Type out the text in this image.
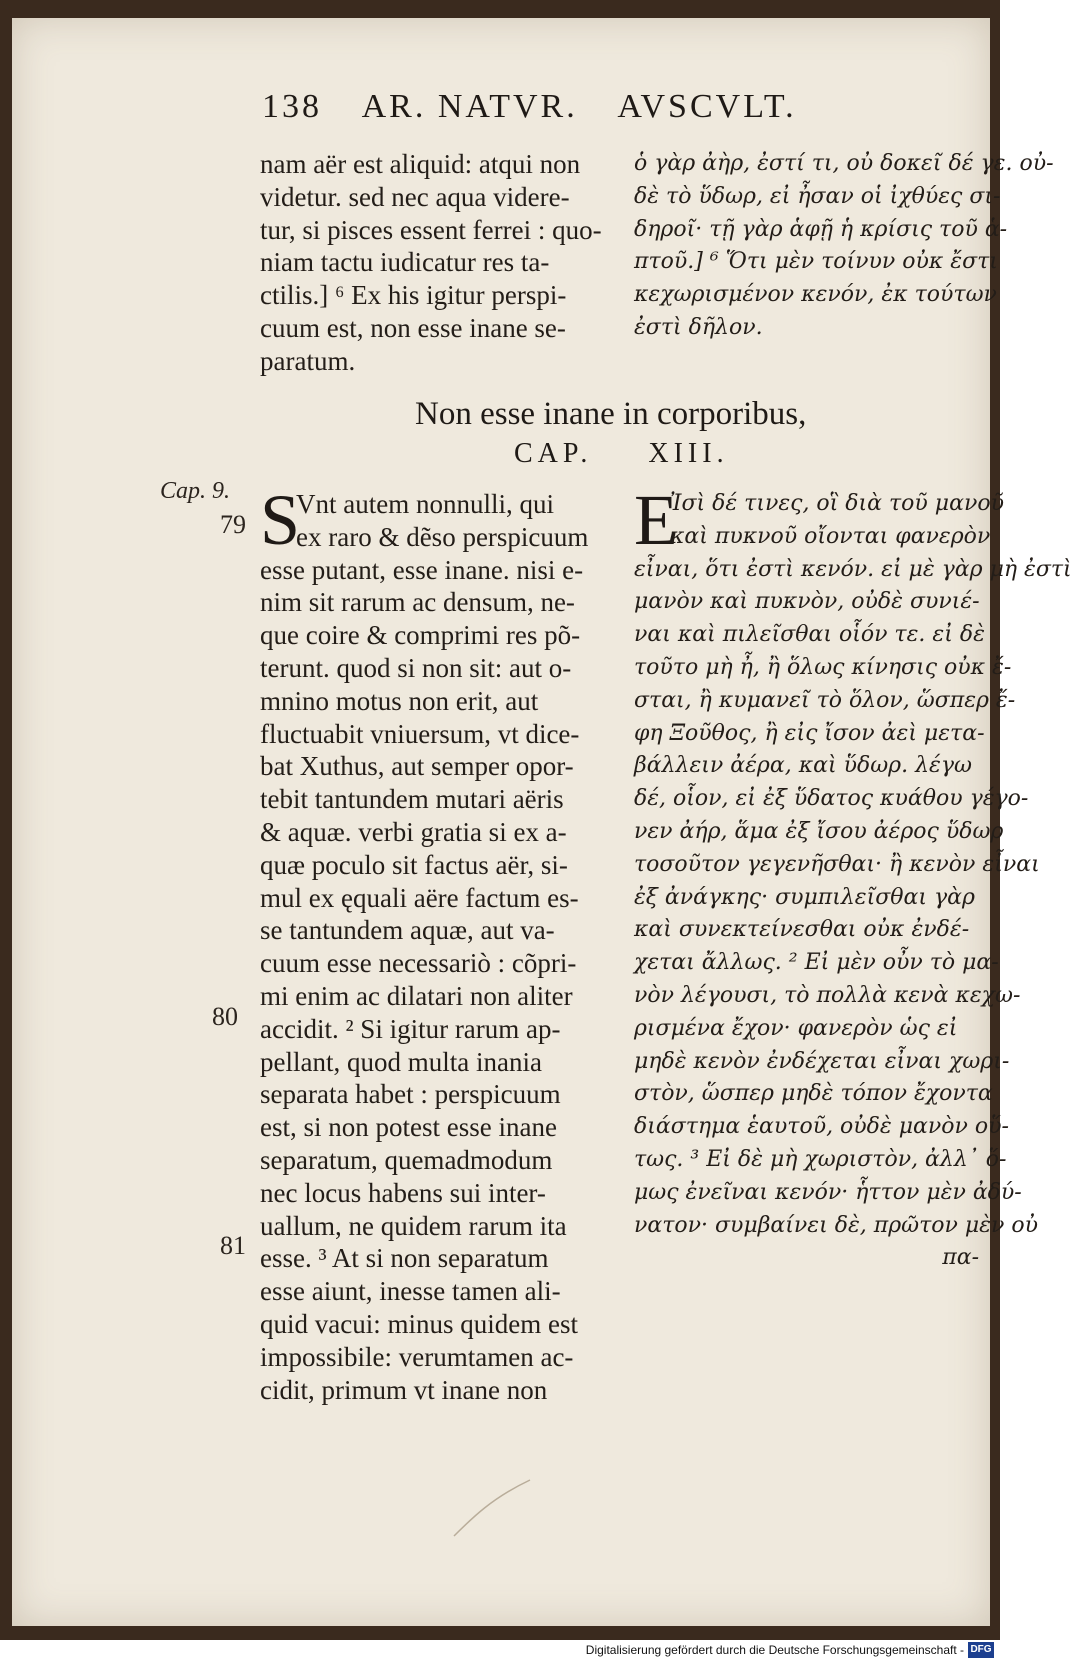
138 AR. NATVR. AVSCVLT.
nam aër est aliquid: atqui non
videtur. sed nec aqua videre-
tur, si pisces essent ferrei : quo-
niam tactu iudicatur res ta-
ctilis.] ⁶ Ex his igitur perspi-
cuum est, non esse inane se-
paratum.
ὁ γὰρ ἀὴρ, ἐστί τι, οὐ δοκεῖ δέ γε. οὐ-
δὲ τὸ ὕδωρ, εἰ ἦσαν οἱ ἰχθύες σι-
δηροῖ· τῇ γὰρ ἁφῇ ἡ κρίσις τοῦ ἁ-
πτοῦ.] ⁶ Ὅτι μὲν τοίνυν οὐκ ἔστι
κεχωρισμένον κενόν, ἐκ τούτων
ἐστὶ δῆλον.
Non esse inane in corporibus,
CAP. XIII.
Cap. 9.
79
80
81
S
Vnt autem nonnulli, qui
ex raro & dẽso perspicuum
esse putant, esse inane. nisi e-
nim sit rarum ac densum, ne-
que coire & comprimi res põ-
terunt. quod si non sit: aut o-
mnino motus non erit, aut
fluctuabit vniuersum, vt dice-
bat Xuthus, aut semper opor-
tebit tantundem mutari aëris
& aquæ. verbi gratia si ex a-
quæ poculo sit factus aër, si-
mul ex ęquali aëre factum es-
se tantundem aquæ, aut va-
cuum esse necessariò : cõpri-
mi enim ac dilatari non aliter
accidit. ² Si igitur rarum ap-
pellant, quod multa inania
separata habet : perspicuum
est, si non potest esse inane
separatum, quemadmodum
nec locus habens sui inter-
uallum, ne quidem rarum ita
esse. ³ At si non separatum
esse aiunt, inesse tamen ali-
quid vacui: minus quidem est
impossibile: verumtamen ac-
cidit, primum vt inane non
Ε
Ἰσὶ δέ τινες, οἳ διὰ τοῦ μανοῦ
καὶ πυκνοῦ οἴονται φανερὸν
εἶναι, ὅτι ἐστὶ κενόν. εἰ μὲ γὰρ μὴ ἐστὶ
μανὸν καὶ πυκνὸν, οὐδὲ συνιέ-
ναι καὶ πιλεῖσθαι οἷόν τε. εἰ δὲ
τοῦτο μὴ ἦ, ἢ ὅλως κίνησις οὐκ ἔ-
σται, ἢ κυμανεῖ τὸ ὅλον, ὥσπερ ἔ-
φη Ξοῦθος, ἢ εἰς ἴσον ἀεὶ μετα-
βάλλειν ἀέρα, καὶ ὕδωρ. λέγω
δέ, οἷον, εἰ ἐξ ὕδατος κυάθου γέγο-
νεν ἀήρ, ἅμα ἐξ ἴσου ἀέρος ὕδωρ
τοσοῦτον γεγενῆσθαι· ἢ κενὸν εἶναι
ἐξ ἀνάγκης· συμπιλεῖσθαι γὰρ
καὶ συνεκτείνεσθαι οὐκ ἐνδέ-
χεται ἄλλως. ² Εἰ μὲν οὖν τὸ μα-
νὸν λέγουσι, τὸ πολλὰ κενὰ κεχω-
ρισμένα ἔχον· φανερὸν ὡς εἰ
μηδὲ κενὸν ἐνδέχεται εἶναι χωρι-
στὸν, ὥσπερ μηδὲ τόπον ἔχοντα
διάστημα ἑαυτοῦ, οὐδὲ μανὸν οὕ-
τως. ³ Εἰ δὲ μὴ χωριστὸν, ἀλλ᾽ ὅ-
μως ἐνεῖναι κενόν· ἧττον μὲν ἀδύ-
νατον· συμβαίνει δὲ, πρῶτον μὲν οὐ
πα-
Digitalisierung gefördert durch die Deutsche Forschungsgemeinschaft - DFG
